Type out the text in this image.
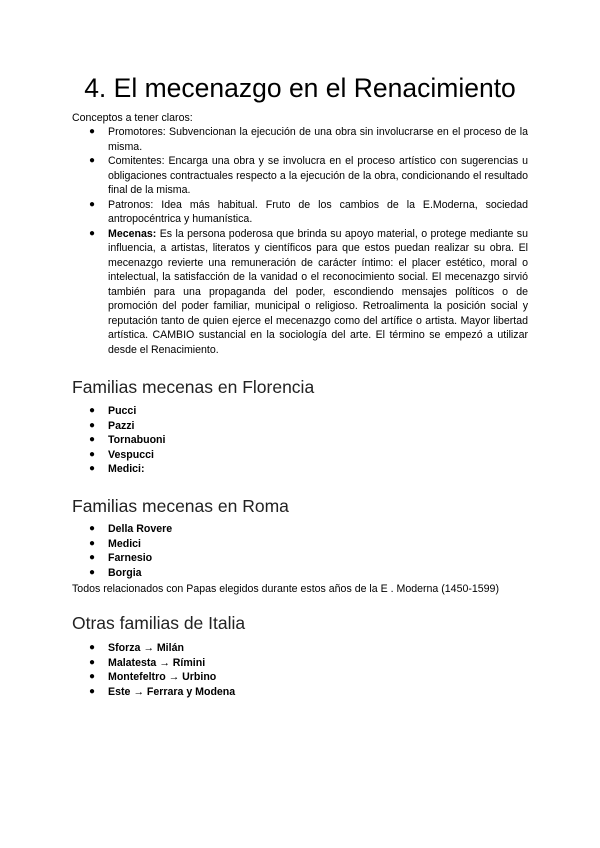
4. El mecenazgo en el Renacimiento

Conceptos a tener claros:

● Promotores: Subvencionan la ejecución de una obra sin involucrarse en el proceso de la misma.
● Comitentes: Encarga una obra y se involucra en el proceso artístico con sugerencias u obligaciones contractuales respecto a la ejecución de la obra, condicionando el resultado final de la misma.
● Patronos: Idea más habitual. Fruto de los cambios de la E.Moderna, sociedad antropocéntrica y humanística.
● Mecenas: Es la persona poderosa que brinda su apoyo material, o protege mediante su influencia, a artistas, literatos y científicos para que estos puedan realizar su obra. El mecenazgo revierte una remuneración de carácter íntimo: el placer estético, moral o intelectual, la satisfacción de la vanidad o el reconocimiento social. El mecenazgo sirvió también para una propaganda del poder, escondiendo mensajes políticos o de promoción del poder familiar, municipal o religioso. Retroalimenta la posición social y reputación tanto de quien ejerce el mecenazgo como del artífice o artista. Mayor libertad artística. CAMBIO sustancial en la sociología del arte. El término se empezó a utilizar desde el Renacimiento.
Familias mecenas en Florencia
● Pucci
● Pazzi
● Tornabuoni
● Vespucci
● Medici:
Familias mecenas en Roma
● Della Rovere
● Medici
● Farnesio
● Borgia

Todos relacionados con Papas elegidos durante estos años de la E . Moderna (1450-1599)

Otras familias de Italia
● Sforza → Milán
● Malatesta → Rímini
● Montefeltro → Urbino
● Este → Ferrara y Modena
